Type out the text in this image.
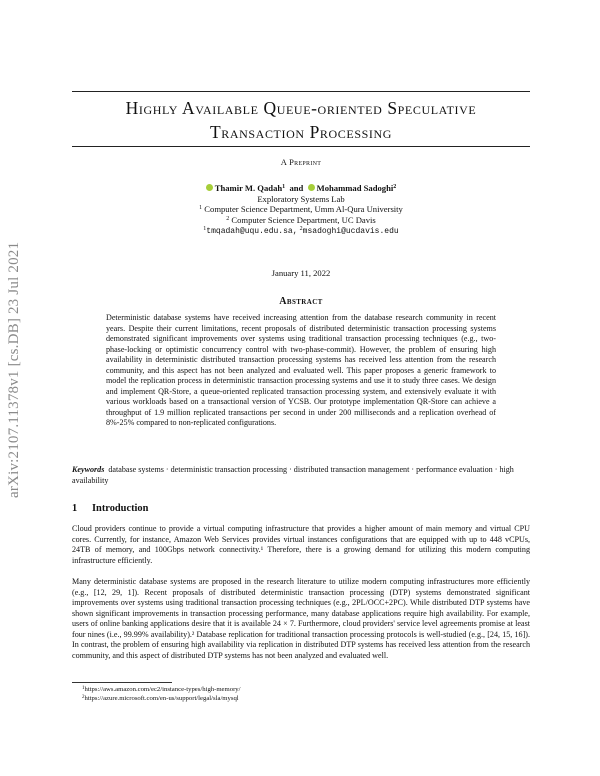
arXiv:2107.11378v1 [cs.DB] 23 Jul 2021
Highly Available Queue-oriented Speculative
Transaction Processing
A Preprint
Thamir M. Qadah$^1$ and Mohammad Sadoghi$^2$
Exploratory Systems Lab
$^1$ Computer Science Department, Umm Al-Qura University
$^2$ Computer Science Department, UC Davis
$^1$tmqadah@uqu.edu.sa, $^2$msadoghi@ucdavis.edu
January 11, 2022
Abstract
Deterministic database systems have received increasing attention from the database research community in recent years. Despite their current limitations, recent proposals of distributed deterministic transaction processing systems demonstrated significant improvements over systems using traditional transaction processing techniques (e.g., two-phase-locking or optimistic concurrency control with two-phase-commit). However, the problem of ensuring high availability in deterministic distributed transaction processing systems has received less attention from the research community, and this aspect has not been analyzed and evaluated well. This paper proposes a generic framework to model the replication process in deterministic transaction processing systems and use it to study three cases. We design and implement QR-Store, a queue-oriented replicated transaction processing system, and extensively evaluate it with various workloads based on a transactional version of YCSB. Our prototype implementation QR-Store can achieve a throughput of 1.9 million replicated transactions per second in under 200 milliseconds and a replication overhead of 8%-25% compared to non-replicated configurations.
Keywords database systems · deterministic transaction processing · distributed transaction management · performance evaluation · high availability
1 Introduction
Cloud providers continue to provide a virtual computing infrastructure that provides a higher amount of main memory and virtual CPU cores. Currently, for instance, Amazon Web Services provides virtual instances configurations that are equipped with up to 448 vCPUs, 24TB of memory, and 100Gbps network connectivity.¹ Therefore, there is a growing demand for utilizing this modern computing infrastructure efficiently.
Many deterministic database systems are proposed in the research literature to utilize modern computing infrastructures more efficiently (e.g., [12, 29, 1]). Recent proposals of distributed deterministic transaction processing (DTP) systems demonstrated significant improvements over systems using traditional transaction processing techniques (e.g., 2PL/OCC+2PC). While distributed DTP systems have shown significant improvements in transaction processing performance, many database applications require high availability. For example, users of online banking applications desire that it is available 24 × 7. Furthermore, cloud providers' service level agreements promise at least four nines (i.e., 99.99% availability).² Database replication for traditional transaction processing protocols is well-studied (e.g., [24, 15, 16]). In contrast, the problem of ensuring high availability via replication in distributed DTP systems has received less attention from the research community, and this aspect of distributed DTP systems has not been analyzed and evaluated well.
$^1$https://aws.amazon.com/ec2/instance-types/high-memory/
$^2$https://azure.microsoft.com/en-us/support/legal/sla/mysql
